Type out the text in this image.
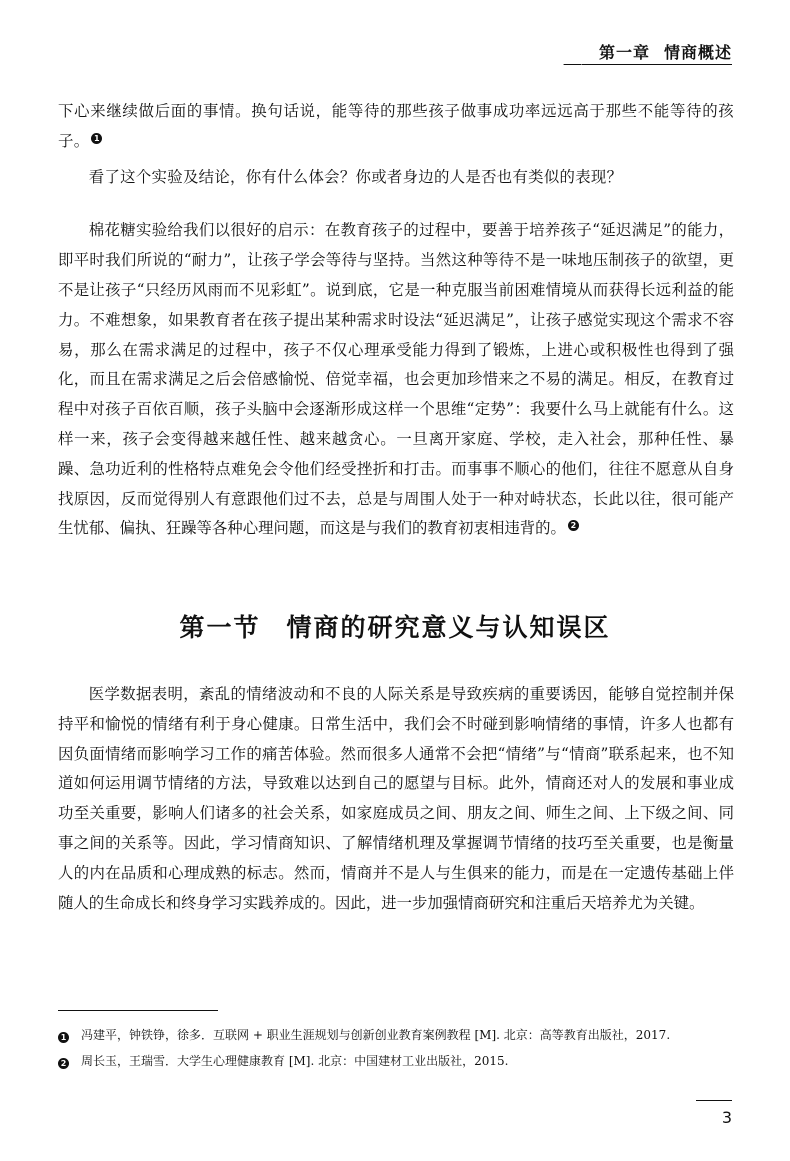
第一章 情商概述

下心来继续做后面的事情。换句话说，能等待的那些孩子做事成功率远远高于那些不能等待的孩子。 1

看了这个实验及结论，你有什么体会？你或者身边的人是否也有类似的表现？

棉花糖实验给我们以很好的启示：在教育孩子的过程中，要善于培养孩子“延迟满足”的能力，即平时我们所说的“耐力”，让孩子学会等待与坚持。当然这种等待不是一味地压制孩子的欲望，更不是让孩子“只经历风雨而不见彩虹”。说到底，它是一种克服当前困难情境从而获得长远利益的能力。不难想象，如果教育者在孩子提出某种需求时设法“延迟满足”，让孩子感觉实现这个需求不容易，那么在需求满足的过程中，孩子不仅心理承受能力得到了锻炼，上进心或积极性也得到了强化，而且在需求满足之后会倍感愉悦、倍觉幸福，也会更加珍惜来之不易的满足。相反，在教育过程中对孩子百依百顺，孩子头脑中会逐渐形成这样一个思维“定势”：我要什么马上就能有什么。这样一来，孩子会变得越来越任性、越来越贪心。一旦离开家庭、学校，走入社会，那种任性、暴躁、急功近利的性格特点难免会令他们经受挫折和打击。而事事不顺心的他们，往往不愿意从自身找原因，反而觉得别人有意跟他们过不去，总是与周围人处于一种对峙状态，长此以往，很可能产生忧郁、偏执、狂躁等各种心理问题，而这是与我们的教育初衷相违背的。 2

第一节 情商的研究意义与认知误区

医学数据表明，紊乱的情绪波动和不良的人际关系是导致疾病的重要诱因，能够自觉控制并保持平和愉悦的情绪有利于身心健康。日常生活中，我们会不时碰到影响情绪的事情，许多人也都有因负面情绪而影响学习工作的痛苦体验。然而很多人通常不会把“情绪”与“情商”联系起来，也不知道如何运用调节情绪的方法，导致难以达到自己的愿望与目标。此外，情商还对人的发展和事业成功至关重要，影响人们诸多的社会关系，如家庭成员之间、朋友之间、师生之间、上下级之间、同事之间的关系等。因此，学习情商知识、了解情绪机理及掌握调节情绪的技巧至关重要，也是衡量人的内在品质和心理成熟的标志。然而，情商并不是人与生俱来的能力，而是在一定遗传基础上伴随人的生命成长和终身学习实践养成的。因此，进一步加强情商研究和注重后天培养尤为关键。

1 冯建平，钟铁铮，徐多．互联网 + 职业生涯规划与创新创业教育案例教程 [M]. 北京：高等教育出版社，2017.
2 周长玉，王瑞雪．大学生心理健康教育 [M]. 北京：中国建材工业出版社，2015.
3
